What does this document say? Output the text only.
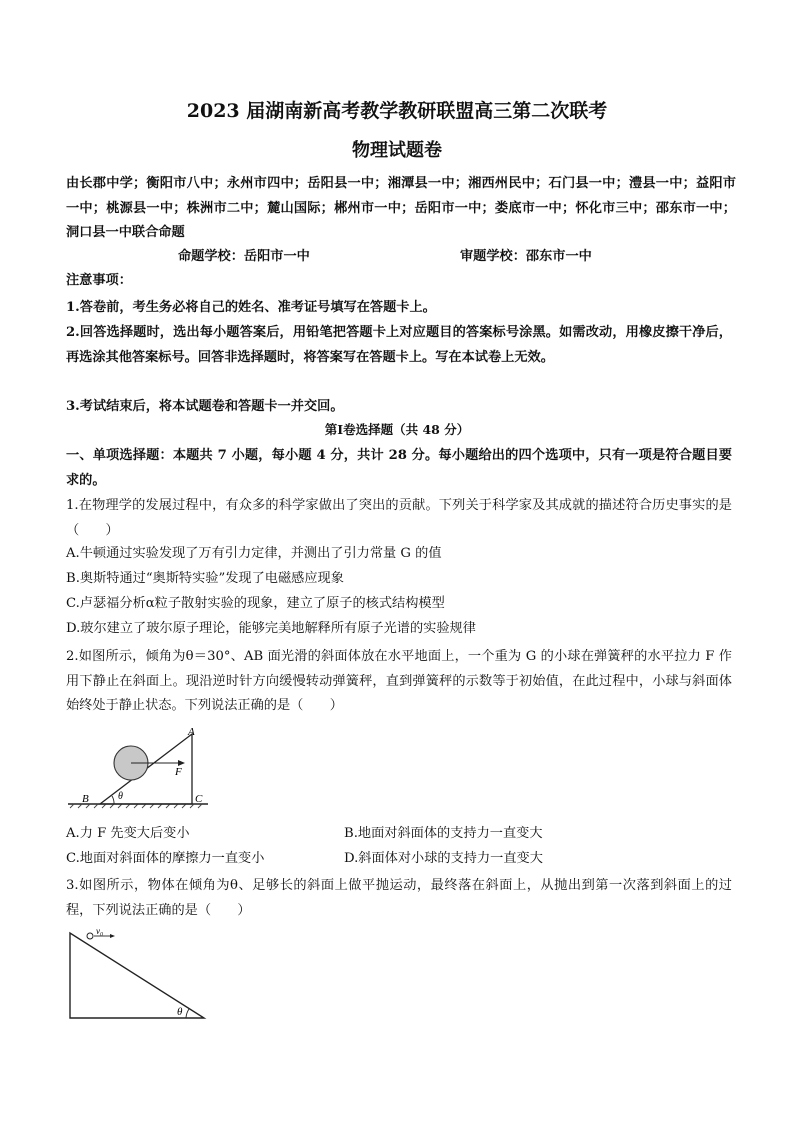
2023 届湖南新高考教学教研联盟高三第二次联考
物理试题卷
由长郡中学；衡阳市八中；永州市四中；岳阳县一中；湘潭县一中；湘西州民中；石门县一中；澧县一中；益阳市一中；桃源县一中；株洲市二中；麓山国际；郴州市一中；岳阳市一中；娄底市一中；怀化市三中；邵东市一中；洞口县一中联合命题
命题学校：岳阳市一中	审题学校：邵东市一中
注意事项：
1.答卷前，考生务必将自己的姓名、准考证号填写在答题卡上。
2.回答选择题时，选出每小题答案后，用铅笔把答题卡上对应题目的答案标号涂黑。如需改动，用橡皮擦干净后，再选涂其他答案标号。回答非选择题时，将答案写在答题卡上。写在本试卷上无效。
3.考试结束后，将本试题卷和答题卡一并交回。
第Ⅰ卷选择题（共 48 分）
一、单项选择题：本题共 7 小题，每小题 4 分，共计 28 分。每小题给出的四个选项中，只有一项是符合题目要求的。
1.在物理学的发展过程中，有众多的科学家做出了突出的贡献。下列关于科学家及其成就的描述符合历史事实的是（　　）
A.牛顿通过实验发现了万有引力定律，并测出了引力常量 G 的值
B.奥斯特通过“奥斯特实验”发现了电磁感应现象
C.卢瑟福分析α粒子散射实验的现象，建立了原子的核式结构模型
D.玻尔建立了玻尔原子理论，能够完美地解释所有原子光谱的实验规律
2.如图所示，倾角为θ＝30°、AB 面光滑的斜面体放在水平地面上，一个重为 G 的小球在弹簧秤的水平拉力 F 作用下静止在斜面上。现沿逆时针方向缓慢转动弹簧秤，直到弹簧秤的示数等于初始值，在此过程中，小球与斜面体始终处于静止状态。下列说法正确的是（　　）
A
B	C
F
θ
A.力 F 先变大后变小	B.地面对斜面体的支持力一直变大
C.地面对斜面体的摩擦力一直变小	D.斜面体对小球的支持力一直变大
3.如图所示，物体在倾角为θ、足够长的斜面上做平抛运动，最终落在斜面上，从抛出到第一次落到斜面上的过程，下列说法正确的是（　　）
v₀
θ
